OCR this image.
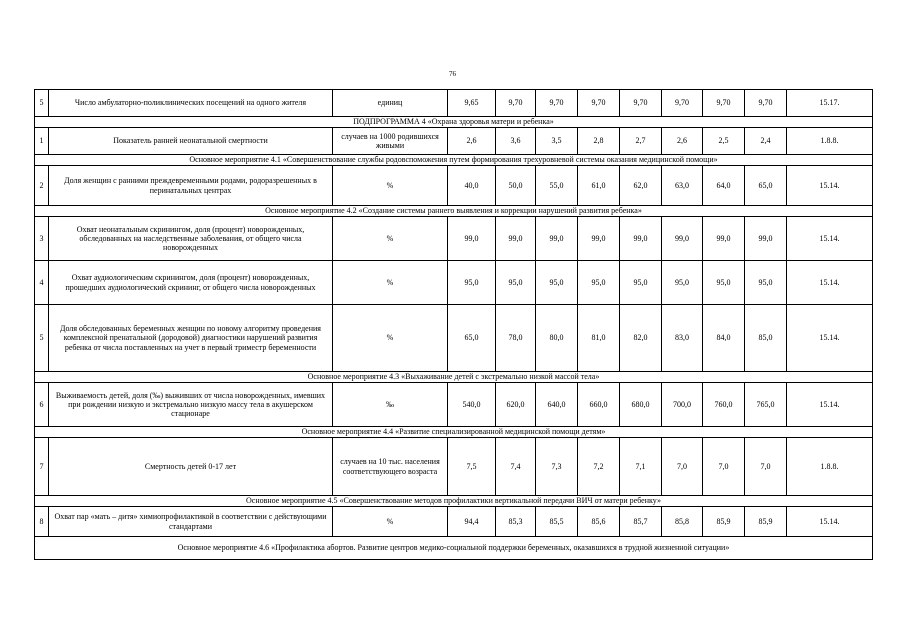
76
5	Число амбулаторно-поликлинических посещений на одного жителя	единиц	9,65	9,70	9,70	9,70	9,70	9,70	9,70	9,70	15.17.
ПОДПРОГРАММА 4 «Охрана здоровья матери и ребенка»											
1	Показатель ранней неонатальной смертности	случаев на 1000 родившихся живыми	2,6	3,6	3,5	2,8	2,7	2,6	2,5	2,4	1.8.8.
Основное мероприятие 4.1 «Совершенствование службы родовспоможения путем формирования трехуровневой системы оказания медицинской помощи»											
2	Доля женщин с ранними преждевременными родами, родоразрешенных в перинатальных центрах	%	40,0	50,0	55,0	61,0	62,0	63,0	64,0	65,0	15.14.
Основное мероприятие 4.2 «Создание системы раннего выявления и коррекции нарушений развития ребенка»											
3	Охват неонатальным скринингом, доля (процент) новорожденных, обследованных на наследственные заболевания, от общего числа новорожденных	%	99,0	99,0	99,0	99,0	99,0	99,0	99,0	99,0	15.14.
4	Охват аудиологическим скринингом, доля (процент) новорожденных, прошедших аудиологический скрининг, от общего числа новорожденных	%	95,0	95,0	95,0	95,0	95,0	95,0	95,0	95,0	15.14.
5	Доля обследованных беременных женщин по новому алгоритму проведения комплексной пренатальной (дородовой) диагностики нарушений развития ребенка от числа поставленных на учет в первый триместр беременности	%	65,0	78,0	80,0	81,0	82,0	83,0	84,0	85,0	15.14.
Основное мероприятие 4.3 «Выхаживание детей с экстремально низкой массой тела»											
6	Выживаемость детей, доля (‰) выживших от числа новорожденных, имевших при рождении низкую и экстремально низкую массу тела в акушерском стационаре	‰	540,0	620,0	640,0	660,0	680,0	700,0	760,0	765,0	15.14.
Основное мероприятие 4.4 «Развитие специализированной медицинской помощи детям»											
7	Смертность детей 0-17 лет	случаев на 10 тыс. населения соответствующего возраста	7,5	7,4	7,3	7,2	7,1	7,0	7,0	7,0	1.8.8.
Основное мероприятие 4.5 «Совершенствование методов профилактики вертикальной передачи ВИЧ от матери ребенку»											
8	Охват пар «мать – дитя» химиопрофилактикой в соответствии с действующими стандартами	%	94,4	85,3	85,5	85,6	85,7	85,8	85,9	85,9	15.14.
Основное мероприятие 4.6 «Профилактика абортов. Развитие центров медико-социальной поддержки беременных, оказавшихся в трудной жизненной ситуации»											
